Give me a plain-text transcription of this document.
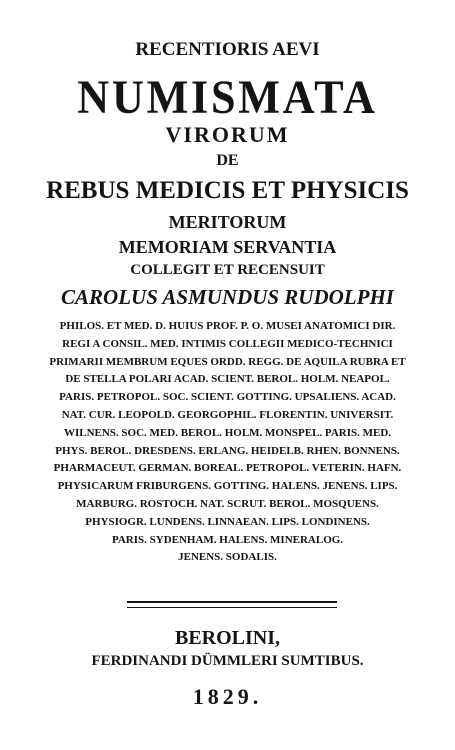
RECENTIORIS AEVI
NUMISMATA
VIRORUM
DE
REBUS MEDICIS ET PHYSICIS
MERITORUM
MEMORIAM SERVANTIA
COLLEGIT ET RECENSUIT
CAROLUS ASMUNDUS RUDOLPHI
PHILOS. ET MED. D. HUIUS PROF. P. O. MUSEI ANATOMICI DIR.
REGI A CONSIL. MED. INTIMIS COLLEGII MEDICO-TECHNICI
PRIMARII MEMBRUM EQUES ORDD. REGG. DE AQUILA RUBRA ET
DE STELLA POLARI ACAD. SCIENT. BEROL. HOLM. NEAPOL.
PARIS. PETROPOL. SOC. SCIENT. GOTTING. UPSALIENS. ACAD.
NAT. CUR. LEOPOLD. GEORGOPHIL. FLORENTIN. UNIVERSIT.
WILNENS. SOC. MED. BEROL. HOLM. MONSPEL. PARIS. MED.
PHYS. BEROL. DRESDENS. ERLANG. HEIDELB. RHEN. BONNENS.
PHARMACEUT. GERMAN. BOREAL. PETROPOL. VETERIN. HAFN.
PHYSICARUM FRIBURGENS. GOTTING. HALENS. JENENS. LIPS.
MARBURG. ROSTOCH. NAT. SCRUT. BEROL. MOSQUENS.
PHYSIOGR. LUNDENS. LINNAEAN. LIPS. LONDINENS.
PARIS. SYDENHAM. HALENS. MINERALOG.
JENENS. SODALIS.
BEROLINI,
FERDINANDI DÜMMLERI SUMTIBUS.
1829.
